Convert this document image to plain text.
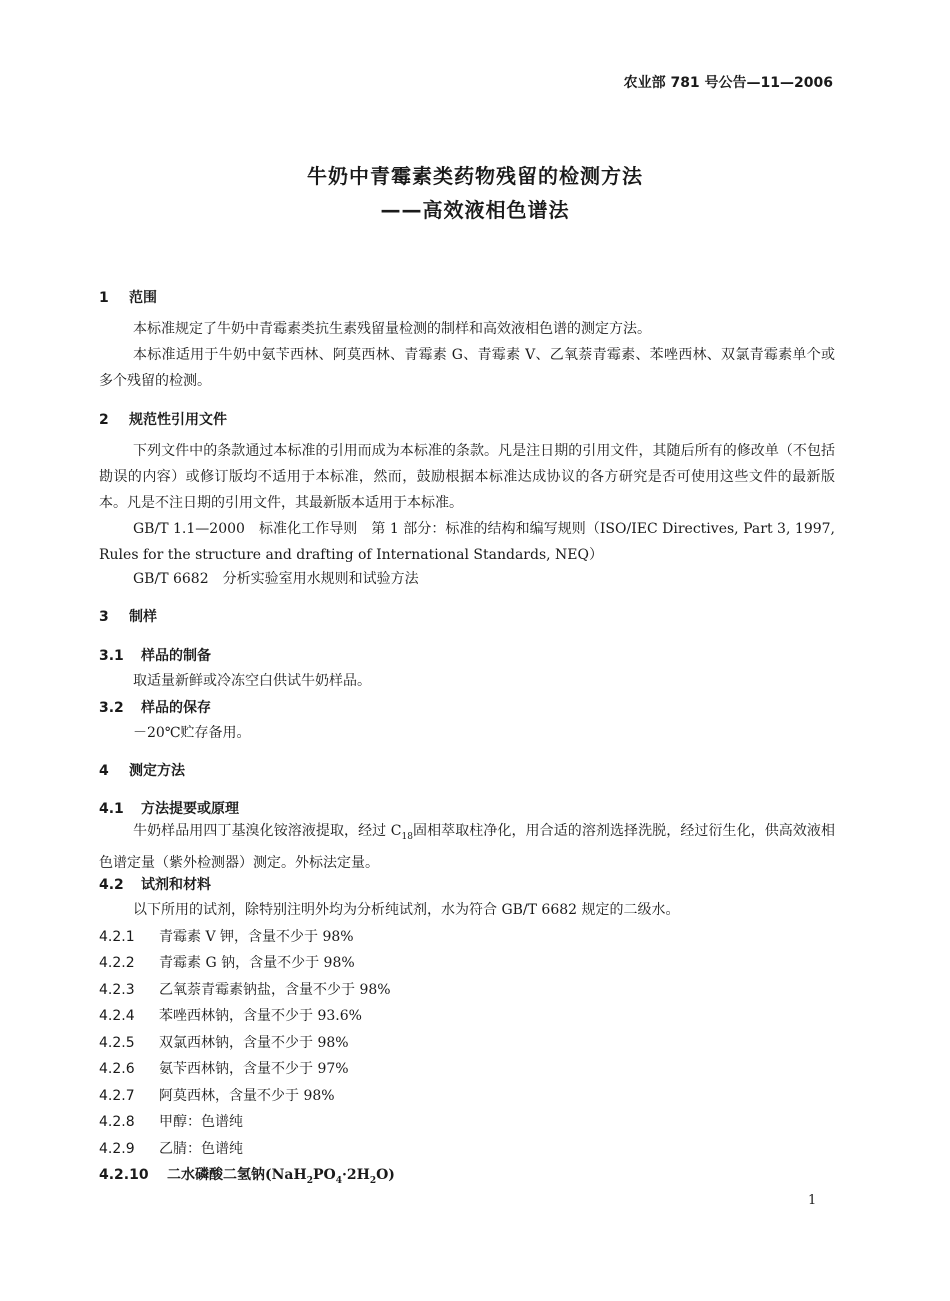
农业部 781 号公告—11—2006
牛奶中青霉素类药物残留的检测方法
——高效液相色谱法
1 范围
本标准规定了牛奶中青霉素类抗生素残留量检测的制样和高效液相色谱的测定方法。
本标准适用于牛奶中氨苄西林、阿莫西林、青霉素 G、青霉素 V、乙氧萘青霉素、苯唑西林、双氯青霉素单个或多个残留的检测。
2 规范性引用文件
下列文件中的条款通过本标准的引用而成为本标准的条款。凡是注日期的引用文件，其随后所有的修改单（不包括勘误的内容）或修订版均不适用于本标准，然而，鼓励根据本标准达成协议的各方研究是否可使用这些文件的最新版本。凡是不注日期的引用文件，其最新版本适用于本标准。
GB/T 1.1—2000　标准化工作导则　第 1 部分：标准的结构和编写规则（ISO/IEC Directives, Part 3, 1997, Rules for the structure and drafting of International Standards, NEQ）
GB/T 6682　分析实验室用水规则和试验方法
3 制样
3.1 样品的制备
取适量新鲜或冷冻空白供试牛奶样品。
3.2 样品的保存
－20℃贮存备用。
4 测定方法
4.1 方法提要或原理
牛奶样品用四丁基溴化铵溶液提取，经过 $C_{18}$固相萃取柱净化，用合适的溶剂选择洗脱，经过衍生化，供高效液相色谱定量（紫外检测器）测定。外标法定量。
4.2 试剂和材料
以下所用的试剂，除特别注明外均为分析纯试剂，水为符合 GB/T 6682 规定的二级水。
4.2.1 青霉素 V 钾，含量不少于 98%
4.2.2 青霉素 G 钠，含量不少于 98%
4.2.3 乙氧萘青霉素钠盐，含量不少于 98%
4.2.4 苯唑西林钠，含量不少于 93.6%
4.2.5 双氯西林钠，含量不少于 98%
4.2.6 氨苄西林钠，含量不少于 97%
4.2.7 阿莫西林，含量不少于 98%
4.2.8 甲醇：色谱纯
4.2.9 乙腈：色谱纯
4.2.10 二水磷酸二氢钠$(NaH_2PO_4\cdot 2H_2O)$
1
